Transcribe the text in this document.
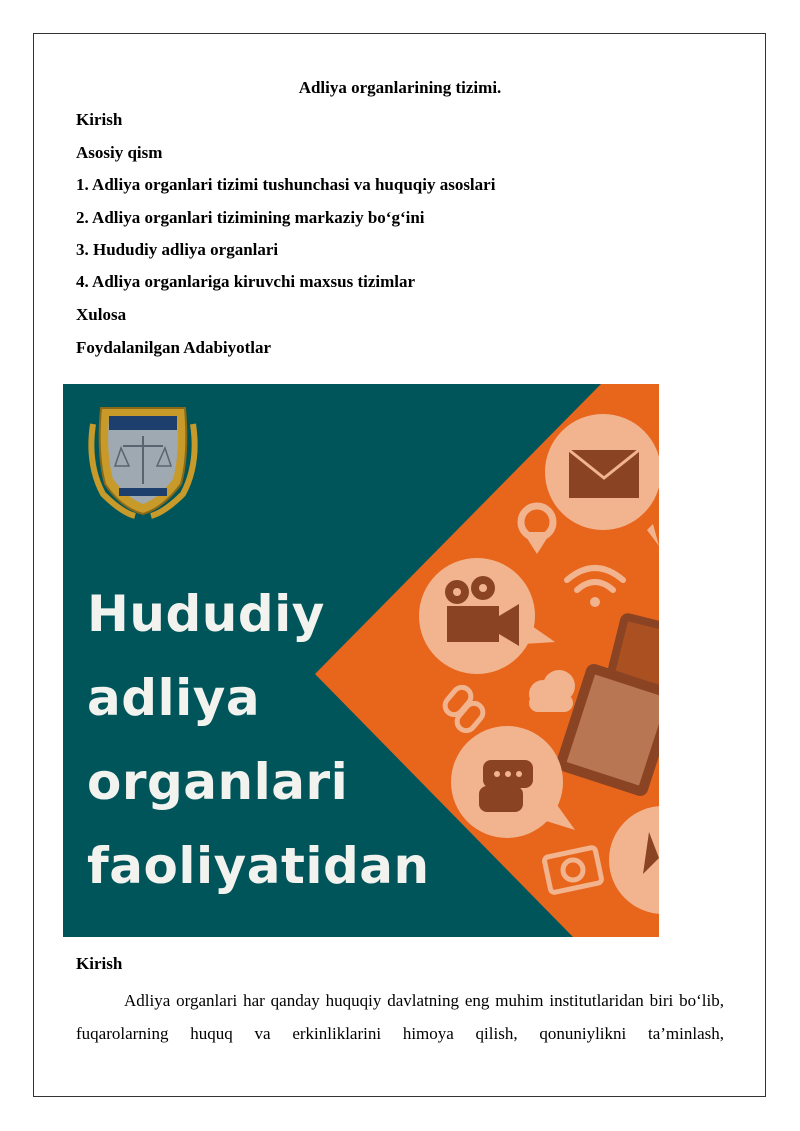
Adliya organlarining tizimi.
Kirish
Asosiy qism
1. Adliya organlari tizimi tushunchasi va huquqiy asoslari
2. Adliya organlari tizimining markaziy bo‘g‘ini
3. Hududiy adliya organlari
4. Adliya organlariga kiruvchi maxsus tizimlar
Xulosa
Foydalanilgan Adabiyotlar
Hududiy
adliya
organlari
faoliyatidan
Kirish
Adliya organlari har qanday huquqiy davlatning eng muhim institutlaridan biri bo‘lib, fuqarolarning huquq va erkinliklarini himoya qilish, qonuniylikni ta’minlash,
